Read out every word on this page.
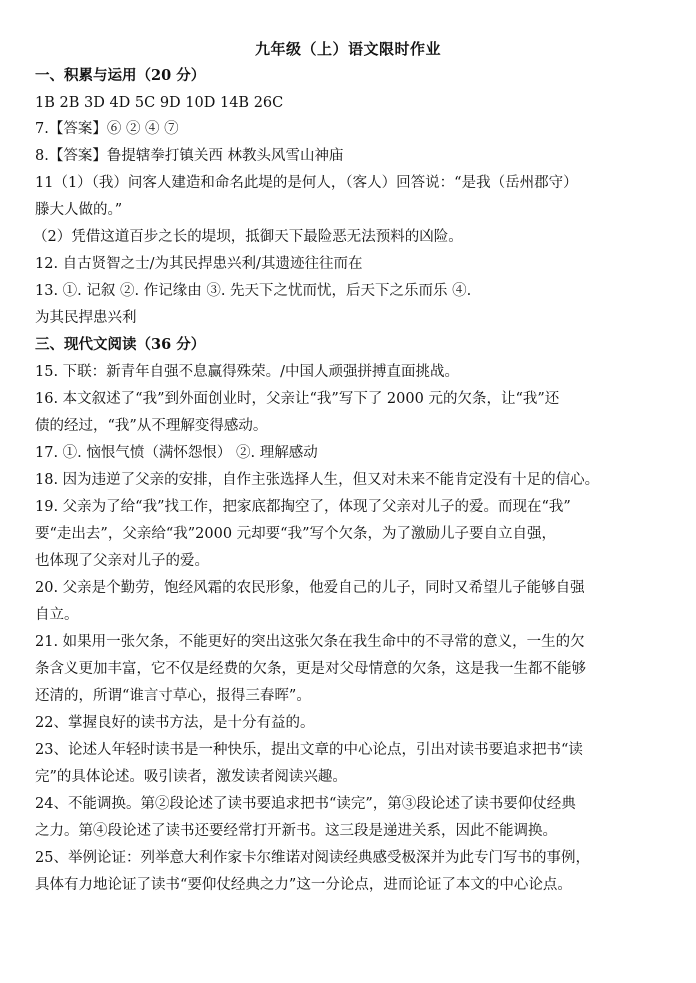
九年级（上）语文限时作业
一、积累与运用（20 分）
1B 2B 3D 4D 5C 9D 10D 14B 26C
7.【答案】⑥ ② ④ ⑦
8.【答案】鲁提辖拳打镇关西 林教头风雪山神庙
11（1）（我）问客人建造和命名此堤的是何人，（客人）回答说：“是我（岳州郡守）
滕大人做的。”
（2）凭借这道百步之长的堤坝，抵御天下最险恶无法预料的凶险。
12. 自古贤智之士/为其民捍患兴利/其遗迹往往而在
13. ①. 记叙 ②. 作记缘由 ③. 先天下之忧而忧，后天下之乐而乐 ④.
为其民捍患兴利
三、现代文阅读（36 分）
15. 下联：新青年自强不息赢得殊荣。/中国人顽强拼搏直面挑战。
16. 本文叙述了“我”到外面创业时，父亲让“我”写下了 2000 元的欠条，让“我”还
债的经过，“我”从不理解变得感动。
17. ①. 恼恨气愤（满怀怨恨） ②. 理解感动
18. 因为违逆了父亲的安排，自作主张选择人生，但又对未来不能肯定没有十足的信心。
19. 父亲为了给“我”找工作，把家底都掏空了，体现了父亲对儿子的爱。而现在“我”
要“走出去”，父亲给“我”2000 元却要“我”写个欠条，为了激励儿子要自立自强，
也体现了父亲对儿子的爱。
20. 父亲是个勤劳，饱经风霜的农民形象，他爱自己的儿子，同时又希望儿子能够自强
自立。
21. 如果用一张欠条，不能更好的突出这张欠条在我生命中的不寻常的意义，一生的欠
条含义更加丰富，它不仅是经费的欠条，更是对父母情意的欠条，这是我一生都不能够
还清的，所谓“谁言寸草心，报得三春晖”。
22、掌握良好的读书方法，是十分有益的。
23、论述人年轻时读书是一种快乐，提出文章的中心论点，引出对读书要追求把书“读
完”的具体论述。吸引读者，激发读者阅读兴趣。
24、不能调换。第②段论述了读书要追求把书“读完”，第③段论述了读书要仰仗经典
之力。第④段论述了读书还要经常打开新书。这三段是递进关系，因此不能调换。
25、举例论证：列举意大利作家卡尔维诺对阅读经典感受极深并为此专门写书的事例，
具体有力地论证了读书“要仰仗经典之力”这一分论点，进而论证了本文的中心论点。
